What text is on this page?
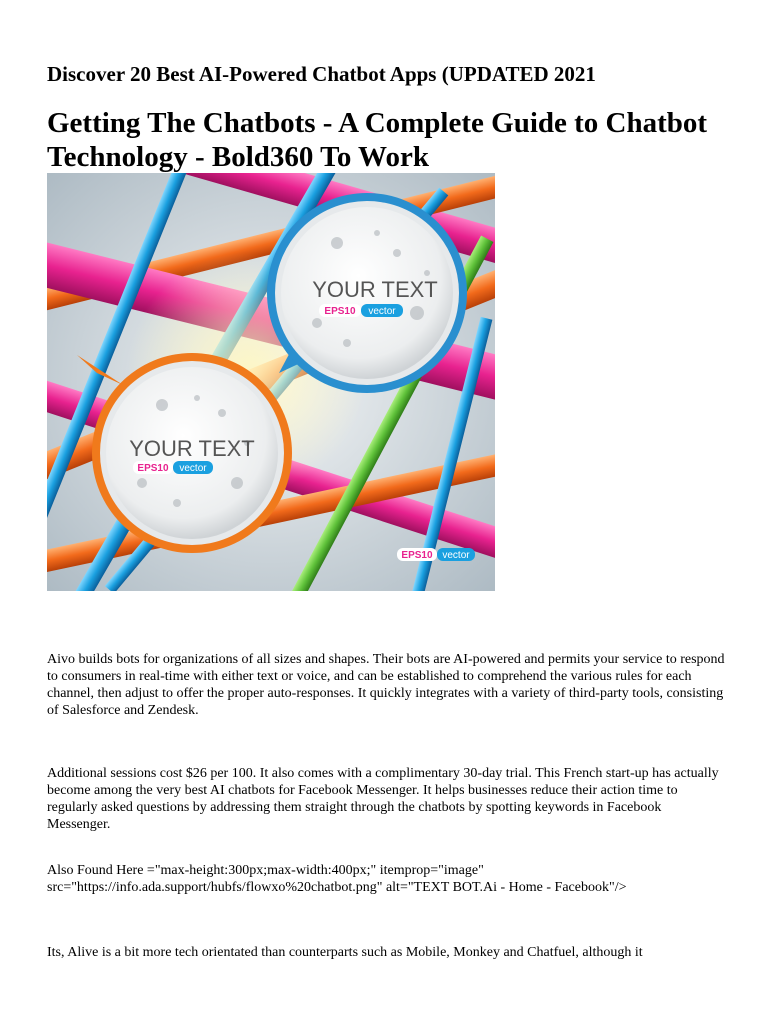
Discover 20 Best AI-Powered Chatbot Apps (UPDATED 2021
Getting The Chatbots - A Complete Guide to Chatbot Technology - Bold360 To Work
YOUR TEXT
EPS10 vector
YOUR TEXT
EPS10 vector
EPS10 vector

Aivo builds bots for organizations of all sizes and shapes. Their bots are AI-powered and permits your service to respond to consumers in real-time with either text or voice, and can be established to comprehend the various rules for each channel, then adjust to offer the proper auto-responses. It quickly integrates with a variety of third-party tools, consisting of Salesforce and Zendesk.

Additional sessions cost $26 per 100. It also comes with a complimentary 30-day trial. This French start-up has actually become among the very best AI chatbots for Facebook Messenger. It helps businesses reduce their action time to regularly asked questions by addressing them straight through the chatbots by spotting keywords in Facebook Messenger.

Also Found Here ="max-height:300px;max-width:400px;" itemprop="image" src="https://info.ada.support/hubfs/flowxo%20chatbot.png" alt="TEXT BOT.Ai - Home - Facebook"/>

Its, Alive is a bit more tech orientated than counterparts such as Mobile, Monkey and Chatfuel, although it
